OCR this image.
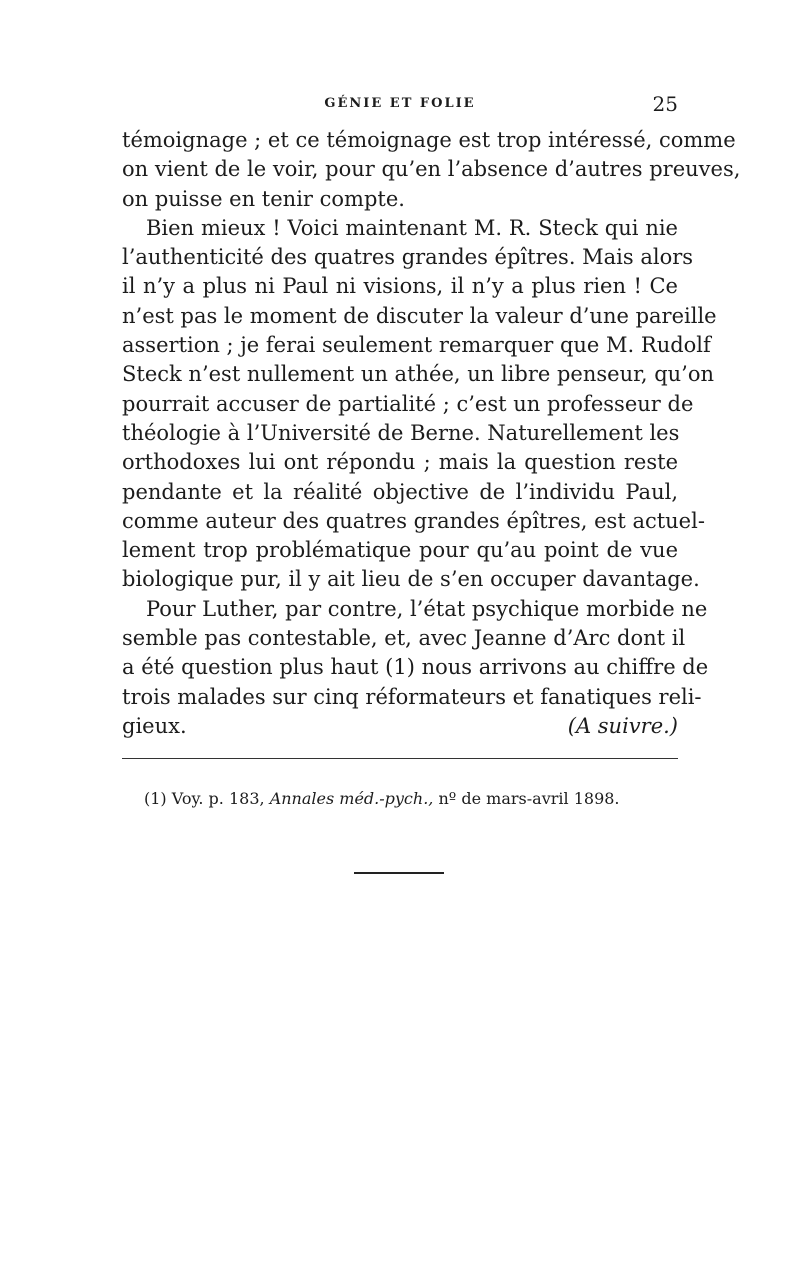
GÉNIE ET FOLIE	25
témoignage ; et ce témoignage est trop intéressé, comme
on vient de le voir, pour qu’en l’absence d’autres preuves,
on puisse en tenir compte.
Bien mieux ! Voici maintenant M. R. Steck qui nie
l’authenticité des quatres grandes épîtres. Mais alors
il n’y a plus ni Paul ni visions, il n’y a plus rien ! Ce
n’est pas le moment de discuter la valeur d’une pareille
assertion ; je ferai seulement remarquer que M. Rudolf
Steck n’est nullement un athée, un libre penseur, qu’on
pourrait accuser de partialité ; c’est un professeur de
théologie à l’Université de Berne. Naturellement les
orthodoxes lui ont répondu ; mais la question reste
pendante et la réalité objective de l’individu Paul,
comme auteur des quatres grandes épîtres, est actuel-
lement trop problématique pour qu’au point de vue
biologique pur, il y ait lieu de s’en occuper davantage.
Pour Luther, par contre, l’état psychique morbide ne
semble pas contestable, et, avec Jeanne d’Arc dont il
a été question plus haut (1) nous arrivons au chiffre de
trois malades sur cinq réformateurs et fanatiques reli-
gieux.	(A suivre.)
(1) Voy. p. 183, Annales méd.-pych., nº de mars-avril 1898.
